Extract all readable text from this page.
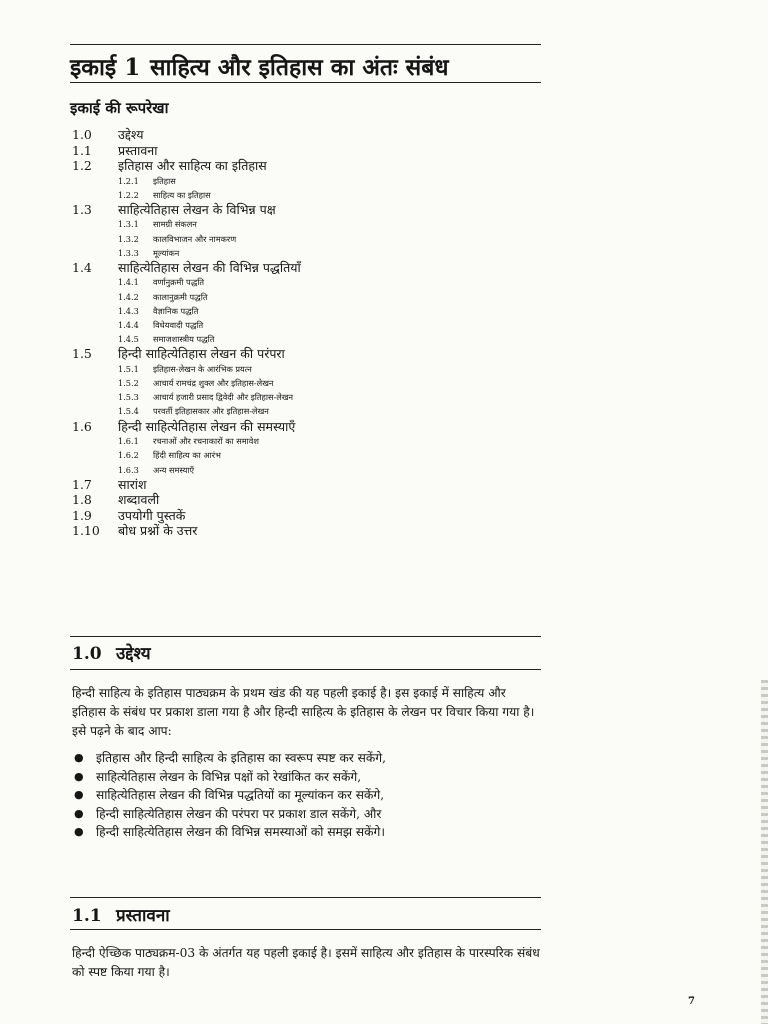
इकाई 1 साहित्य और इतिहास का अंतः संबंध
इकाई की रूपरेखा
1.0 उद्देश्य
1.1 प्रस्तावना
1.2 इतिहास और साहित्य का इतिहास
1.2.1 इतिहास
1.2.2 साहित्य का इतिहास
1.3 साहित्येतिहास लेखन के विभिन्न पक्ष
1.3.1 सामग्री संकलन
1.3.2 कालविभाजन और नामकरण
1.3.3 मूल्यांकन
1.4 साहित्येतिहास लेखन की विभिन्न पद्धतियाँ
1.4.1 वर्णानुक्रमी पद्धति
1.4.2 कालानुक्रमी पद्धति
1.4.3 वैज्ञानिक पद्धति
1.4.4 विधेयवादी पद्धति
1.4.5 समाजशास्त्रीय पद्धति
1.5 हिन्दी साहित्येतिहास लेखन की परंपरा
1.5.1 इतिहास-लेखन के आरंभिक प्रयत्न
1.5.2 आचार्य रामचंद्र शुक्ल और इतिहास-लेखन
1.5.3 आचार्य हजारी प्रसाद द्विवेदी और इतिहास-लेखन
1.5.4 परवर्ती इतिहासकार और इतिहास-लेखन
1.6 हिन्दी साहित्येतिहास लेखन की समस्याएँ
1.6.1 रचनाओं और रचनाकारों का समावेश
1.6.2 हिंदी साहित्य का आरंभ
1.6.3 अन्य समस्याएँ
1.7 सारांश
1.8 शब्दावली
1.9 उपयोगी पुस्तकें
1.10 बोध प्रश्नों के उत्तर
1.0 उद्देश्य
हिन्दी साहित्य के इतिहास पाठ्यक्रम के प्रथम खंड की यह पहली इकाई है। इस इकाई में साहित्य और इतिहास के संबंध पर प्रकाश डाला गया है और हिन्दी साहित्य के इतिहास के लेखन पर विचार किया गया है। इसे पढ़ने के बाद आप:
● इतिहास और हिन्दी साहित्य के इतिहास का स्वरूप स्पष्ट कर सकेंगे,
● साहित्येतिहास लेखन के विभिन्न पक्षों को रेखांकित कर सकेंगे,
● साहित्येतिहास लेखन की विभिन्न पद्धतियों का मूल्यांकन कर सकेंगे,
● हिन्दी साहित्येतिहास लेखन की परंपरा पर प्रकाश डाल सकेंगे, और
● हिन्दी साहित्येतिहास लेखन की विभिन्न समस्याओं को समझ सकेंगे।
1.1 प्रस्तावना
हिन्दी ऐच्छिक पाठ्यक्रम-03 के अंतर्गत यह पहली इकाई है। इसमें साहित्य और इतिहास के पारस्परिक संबंध को स्पष्ट किया गया है।
7
